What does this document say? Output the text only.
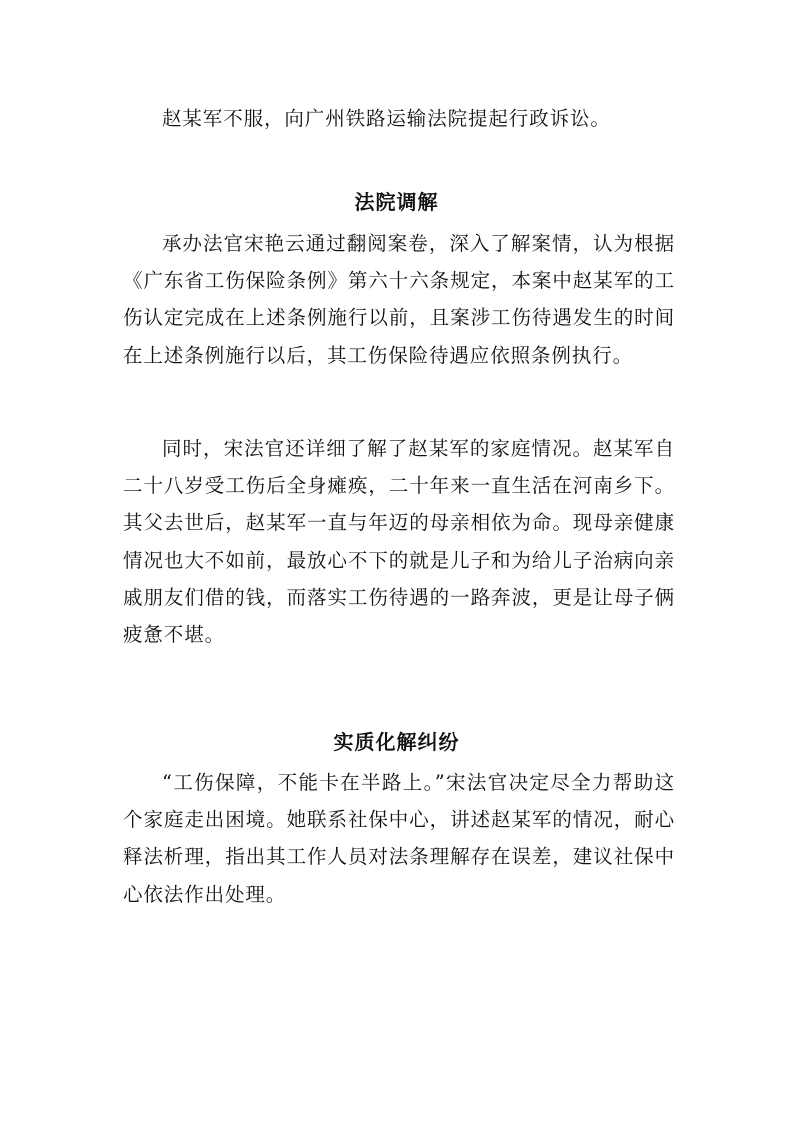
赵某军不服，向广州铁路运输法院提起行政诉讼。

法院调解

承办法官宋艳云通过翻阅案卷，深入了解案情，认为根据《广东省工伤保险条例》第六十六条规定，本案中赵某军的工伤认定完成在上述条例施行以前，且案涉工伤待遇发生的时间在上述条例施行以后，其工伤保险待遇应依照条例执行。

同时，宋法官还详细了解了赵某军的家庭情况。赵某军自二十八岁受工伤后全身瘫痪，二十年来一直生活在河南乡下。其父去世后，赵某军一直与年迈的母亲相依为命。现母亲健康情况也大不如前，最放心不下的就是儿子和为给儿子治病向亲戚朋友们借的钱，而落实工伤待遇的一路奔波，更是让母子俩疲惫不堪。

实质化解纠纷

“工伤保障，不能卡在半路上。”宋法官决定尽全力帮助这个家庭走出困境。她联系社保中心，讲述赵某军的情况，耐心释法析理，指出其工作人员对法条理解存在误差，建议社保中心依法作出处理。
